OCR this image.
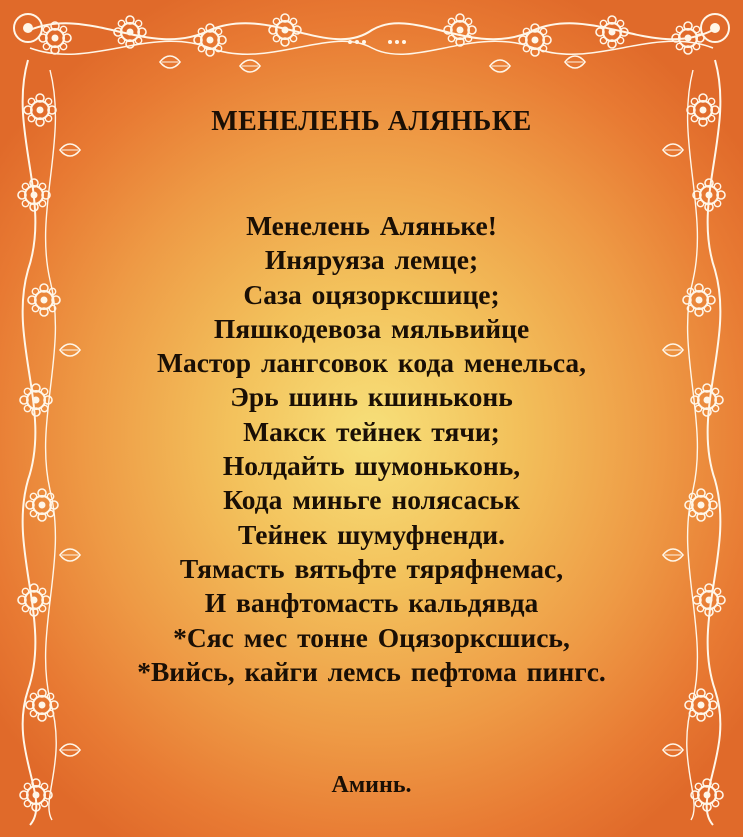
МЕНЕЛЕНЬ АЛЯНЬКЕ
Менелень Аляньке!
Иняруяза лемце;
Саза оцязорксшице;
Пяшкодевоза мяльвийце
Мастор лангсовок кода менельса,
Эрь шинь кшиньконь
Макск тейнек тячи;
Нолдайть шумоньконь,
Кода миньге нолясаськ
Тейнек шумуфненди.
Тямасть вятьфте тяряфнемас,
И ванфтомасть кальдявда
*Сяс мес тонне Оцязорксшись,
*Вийсь, кайги лемсь пефтома пингс.
Аминь.
